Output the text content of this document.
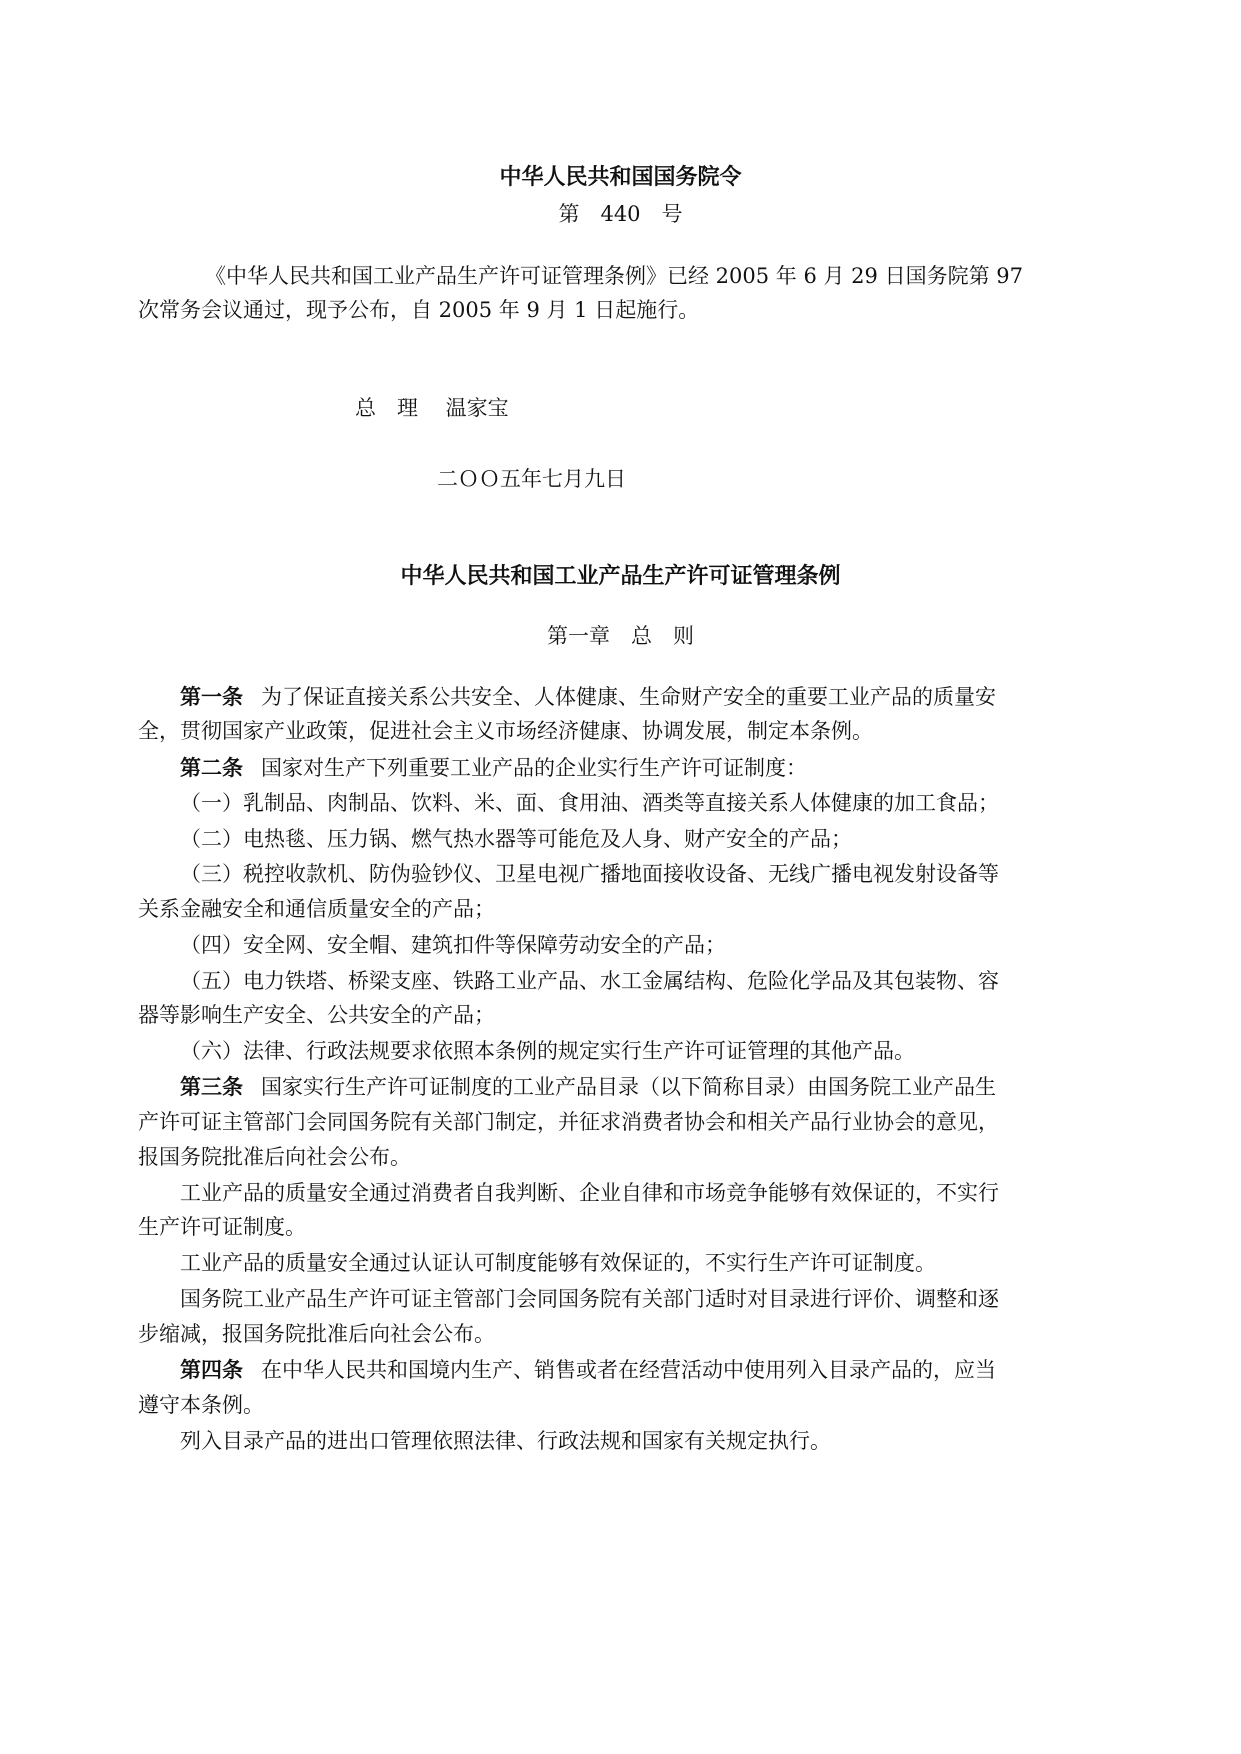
中华人民共和国国务院令
第　440　号
《中华人民共和国工业产品生产许可证管理条例》已经 2005 年 6 月 29 日国务院第 97
次常务会议通过，现予公布，自 2005 年 9 月 1 日起施行。
总　理　 温家宝
二ＯＯ五年七月九日
中华人民共和国工业产品生产许可证管理条例
第一章　总　则
第一条 为了保证直接关系公共安全、人体健康、生命财产安全的重要工业产品的质量安
全，贯彻国家产业政策，促进社会主义市场经济健康、协调发展，制定本条例。
第二条 国家对生产下列重要工业产品的企业实行生产许可证制度：
（一）乳制品、肉制品、饮料、米、面、食用油、酒类等直接关系人体健康的加工食品；
（二）电热毯、压力锅、燃气热水器等可能危及人身、财产安全的产品；
（三）税控收款机、防伪验钞仪、卫星电视广播地面接收设备、无线广播电视发射设备等
关系金融安全和通信质量安全的产品；
（四）安全网、安全帽、建筑扣件等保障劳动安全的产品；
（五）电力铁塔、桥梁支座、铁路工业产品、水工金属结构、危险化学品及其包装物、容
器等影响生产安全、公共安全的产品；
（六）法律、行政法规要求依照本条例的规定实行生产许可证管理的其他产品。
第三条 国家实行生产许可证制度的工业产品目录（以下简称目录）由国务院工业产品生
产许可证主管部门会同国务院有关部门制定，并征求消费者协会和相关产品行业协会的意见，
报国务院批准后向社会公布。
工业产品的质量安全通过消费者自我判断、企业自律和市场竞争能够有效保证的，不实行
生产许可证制度。
工业产品的质量安全通过认证认可制度能够有效保证的，不实行生产许可证制度。
国务院工业产品生产许可证主管部门会同国务院有关部门适时对目录进行评价、调整和逐
步缩减，报国务院批准后向社会公布。
第四条 在中华人民共和国境内生产、销售或者在经营活动中使用列入目录产品的，应当
遵守本条例。
列入目录产品的进出口管理依照法律、行政法规和国家有关规定执行。
